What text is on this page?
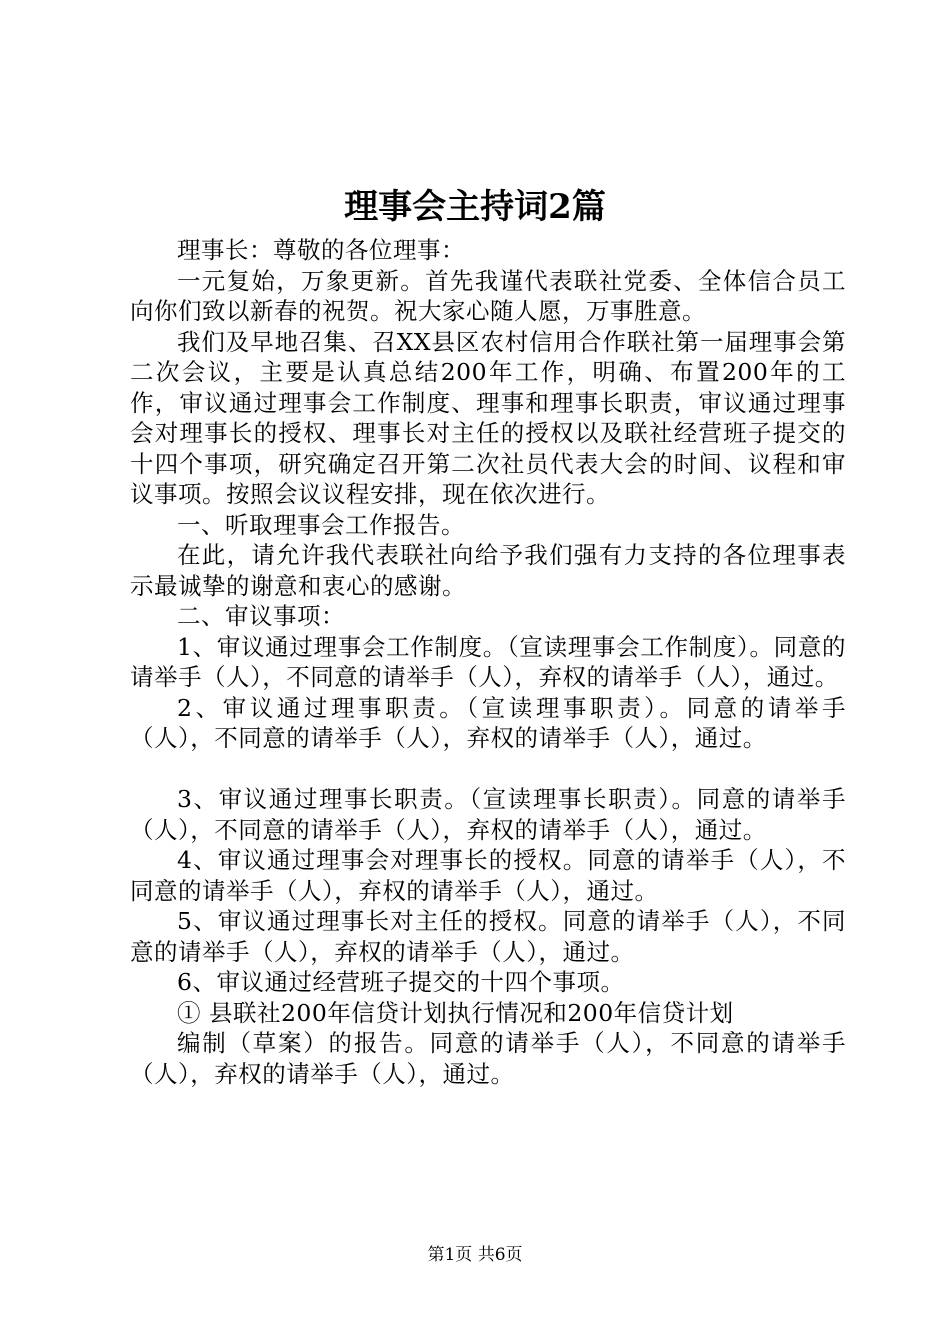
理事会主持词2篇

理事长：尊敬的各位理事：

一元复始，万象更新。首先我谨代表联社党委、全体信合员工向你们致以新春的祝贺。祝大家心随人愿，万事胜意。

我们及早地召集、召XX县区农村信用合作联社第一届理事会第二次会议，主要是认真总结200年工作，明确、布置200年的工作，审议通过理事会工作制度、理事和理事长职责，审议通过理事会对理事长的授权、理事长对主任的授权以及联社经营班子提交的十四个事项，研究确定召开第二次社员代表大会的时间、议程和审议事项。按照会议议程安排，现在依次进行。

一、听取理事会工作报告。

在此，请允许我代表联社向给予我们强有力支持的各位理事表示最诚挚的谢意和衷心的感谢。

二、审议事项：

1、审议通过理事会工作制度。（宣读理事会工作制度）。同意的请举手（人），不同意的请举手（人），弃权的请举手（人），通过。

2、审议通过理事职责。（宣读理事职责）。同意的请举手（人），不同意的请举手（人），弃权的请举手（人），通过。

3、审议通过理事长职责。（宣读理事长职责）。同意的请举手（人），不同意的请举手（人），弃权的请举手（人），通过。

4、审议通过理事会对理事长的授权。同意的请举手（人），不同意的请举手（人），弃权的请举手（人），通过。

5、审议通过理事长对主任的授权。同意的请举手（人），不同意的请举手（人），弃权的请举手（人），通过。

6、审议通过经营班子提交的十四个事项。

① 县联社200年信贷计划执行情况和200年信贷计划

编制（草案）的报告。同意的请举手（人），不同意的请举手（人），弃权的请举手（人），通过。

第1页 共6页
